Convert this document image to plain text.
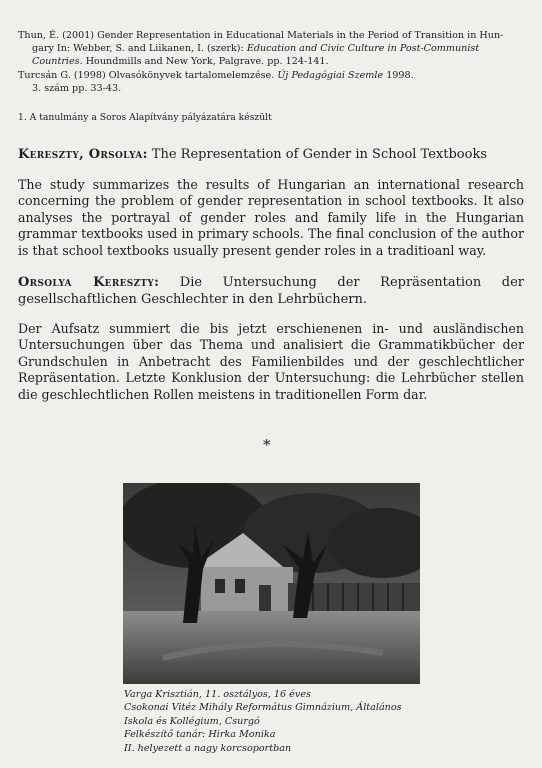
Thun, É. (2001) Gender Representation in Educational Materials in the Period of Transition in Hun-
gary In: Webber, S. and Liikanen, I. (szerk): Education and Civic Culture in Post-Communist
Countries. Houndmills and New York, Palgrave. pp. 124-141.
Turcsán G. (1998) Olvasókönyvek tartalomelemzése. Új Pedagógiai Szemle 1998.
3. szám pp. 33-43.
1. A tanulmány a Soros Alapítvány pályázatára készült
Kereszty, Orsolya: The Representation of Gender in School Textbooks
The study summarizes the results of Hungarian an international research concerning the problem of gender representation in school textbooks. It also analyses the portrayal of gender roles and family life in the Hungarian grammar textbooks used in primary schools. The final conclusion of the author is that school textbooks usually present gender roles in a traditioanl way.
Orsolya Kereszty: Die Untersuchung der Repräsentation der gesellschaftlichen Geschlechter in den Lehrbüchern.
Der Aufsatz summiert die bis jetzt erschienenen in- und ausländischen Untersuchungen über das Thema und analisiert die Grammatikbücher der Grundschulen in Anbetracht des Familienbildes und der geschlechtlicher Repräsentation. Letzte Konklusion der Untersuchung: die Lehrbücher stellen die geschlechtlichen Rollen meistens in traditionellen Form dar.
*
Varga Krisztián, 11. osztályos, 16 éves
Csokonai Vitéz Mihály Református Gimnázium, Általános
Iskola és Kollégium, Csurgó
Felkészítő tanár: Hirka Monika
II. helyezett a nagy korcsoportban
